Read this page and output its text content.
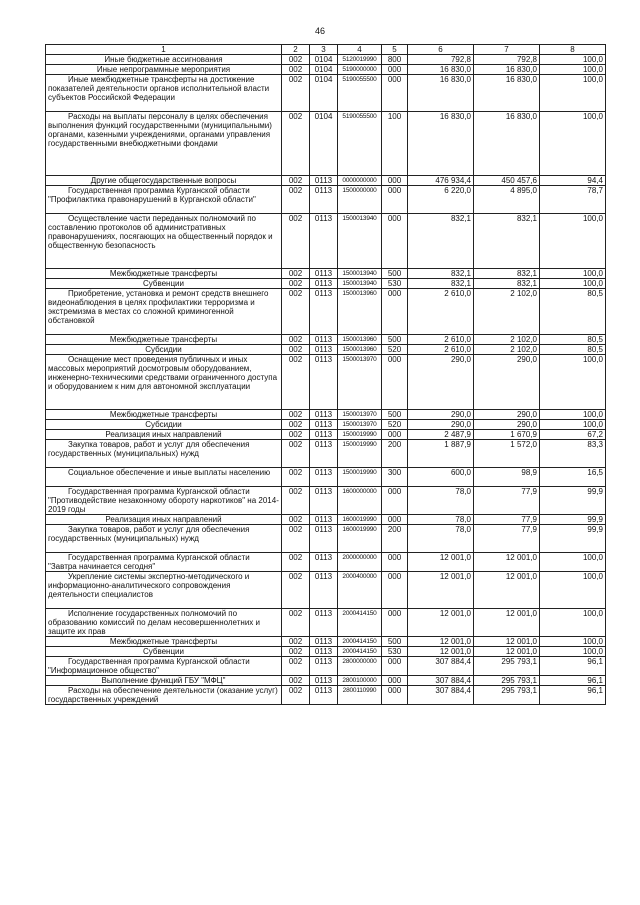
46
1	2	3	4	5	6	7	8
Иные бюджетные ассигнования	002	0104	5120019990	800	792,8	792,8	100,0
Иные непрограммные мероприятия	002	0104	5190000000	000	16 830,0	16 830,0	100,0
Иные межбюджетные трансферты на достижение показателей деятельности органов исполнительной власти субъектов Российской Федерации	002	0104	5190055500	000	16 830,0	16 830,0	100,0
Расходы на выплаты персоналу в целях обеспечения выполнения функций государственными (муниципальными) органами, казенными учреждениями, органами управления государственными внебюджетными фондами	002	0104	5190055500	100	16 830,0	16 830,0	100,0
Другие общегосударственные вопросы	002	0113	0000000000	000	476 934,4	450 457,6	94,4
Государственная программа Курганской области "Профилактика правонарушений в Курганской области"	002	0113	1500000000	000	6 220,0	4 895,0	78,7
Осуществление части переданных полномочий по составлению протоколов об административных правонарушениях, посягающих на общественный порядок и общественную безопасность	002	0113	1500013940	000	832,1	832,1	100,0
Межбюджетные трансферты	002	0113	1500013940	500	832,1	832,1	100,0
Субвенции	002	0113	1500013940	530	832,1	832,1	100,0
Приобретение, установка и ремонт средств внешнего видеонаблюдения в целях профилактики терроризма и экстремизма в местах со сложной криминогенной обстановкой	002	0113	1500013960	000	2 610,0	2 102,0	80,5
Межбюджетные трансферты	002	0113	1500013960	500	2 610,0	2 102,0	80,5
Субсидии	002	0113	1500013960	520	2 610,0	2 102,0	80,5
Оснащение мест проведения публичных и иных массовых мероприятий досмотровым оборудованием, инженерно-техническими средствами ограниченного доступа и оборудованием к ним для автономной эксплуатации	002	0113	1500013970	000	290,0	290,0	100,0
Межбюджетные трансферты	002	0113	1500013970	500	290,0	290,0	100,0
Субсидии	002	0113	1500013970	520	290,0	290,0	100,0
Реализация иных направлений	002	0113	1500019990	000	2 487,9	1 670,9	67,2
Закупка товаров, работ и услуг для обеспечения государственных (муниципальных) нужд	002	0113	1500019990	200	1 887,9	1 572,0	83,3
Социальное обеспечение и иные выплаты населению	002	0113	1500019990	300	600,0	98,9	16,5
Государственная программа Курганской области "Противодействие незаконному обороту наркотиков" на 2014-2019 годы	002	0113	1600000000	000	78,0	77,9	99,9
Реализация иных направлений	002	0113	1600019990	000	78,0	77,9	99,9
Закупка товаров, работ и услуг для обеспечения государственных (муниципальных) нужд	002	0113	1600019990	200	78,0	77,9	99,9
Государственная программа Курганской области "Завтра начинается сегодня"	002	0113	2000000000	000	12 001,0	12 001,0	100,0
Укрепление системы экспертно-методического и информационно-аналитического сопровождения деятельности специалистов	002	0113	2000400000	000	12 001,0	12 001,0	100,0
Исполнение государственных полномочий по образованию комиссий по делам несовершеннолетних и защите их прав	002	0113	2000414150	000	12 001,0	12 001,0	100,0
Межбюджетные трансферты	002	0113	2000414150	500	12 001,0	12 001,0	100,0
Субвенции	002	0113	2000414150	530	12 001,0	12 001,0	100,0
Государственная программа Курганской области "Информационное общество"	002	0113	2800000000	000	307 884,4	295 793,1	96,1
Выполнение функций ГБУ "МФЦ"	002	0113	2800100000	000	307 884,4	295 793,1	96,1
Расходы на обеспечение деятельности (оказание услуг) государственных учреждений	002	0113	2800110990	000	307 884,4	295 793,1	96,1
